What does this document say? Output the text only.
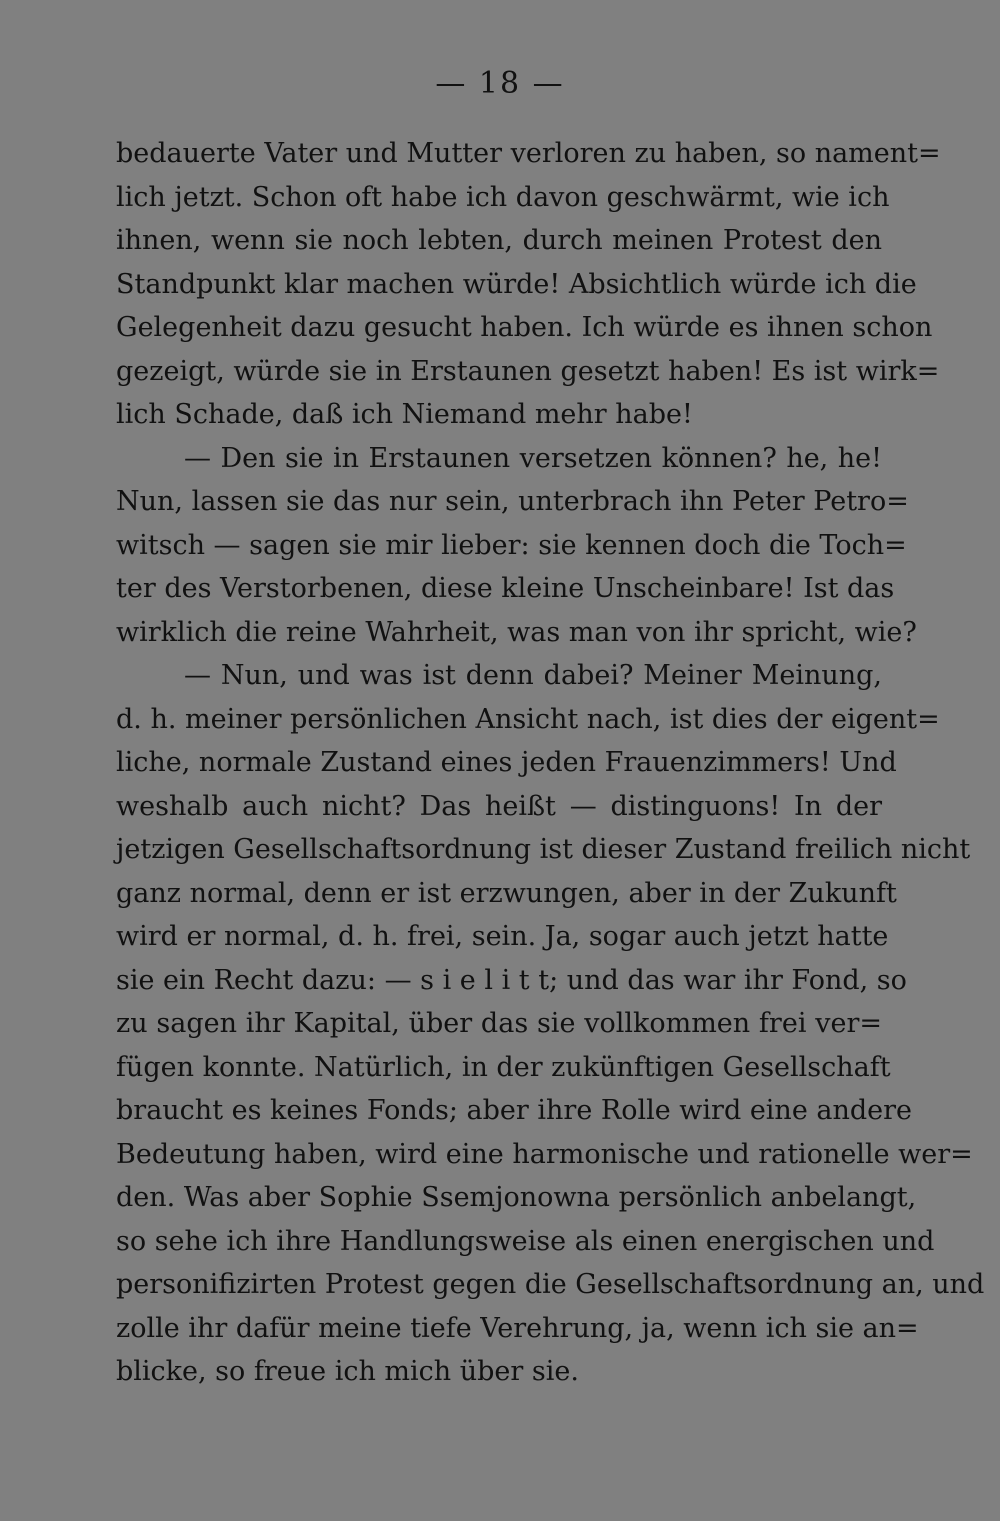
— 18 —
bedauerte Vater und Mutter verloren zu haben, so nament=
lich jetzt. Schon oft habe ich davon geschwärmt, wie ich
ihnen, wenn sie noch lebten, durch meinen Protest den
Standpunkt klar machen würde! Absichtlich würde ich die
Gelegenheit dazu gesucht haben. Ich würde es ihnen schon
gezeigt, würde sie in Erstaunen gesetzt haben! Es ist wirk=
lich Schade, daß ich Niemand mehr habe!
— Den sie in Erstaunen versetzen können? he, he!
Nun, lassen sie das nur sein, unterbrach ihn Peter Petro=
witsch — sagen sie mir lieber: sie kennen doch die Toch=
ter des Verstorbenen, diese kleine Unscheinbare! Ist das
wirklich die reine Wahrheit, was man von ihr spricht, wie?
— Nun, und was ist denn dabei? Meiner Meinung,
d. h. meiner persönlichen Ansicht nach, ist dies der eigent=
liche, normale Zustand eines jeden Frauenzimmers! Und
weshalb auch nicht? Das heißt — distinguons! In der
jetzigen Gesellschaftsordnung ist dieser Zustand freilich nicht
ganz normal, denn er ist erzwungen, aber in der Zukunft
wird er normal, d. h. frei, sein. Ja, sogar auch jetzt hatte
sie ein Recht dazu: — s i e l i t t; und das war ihr Fond, so
zu sagen ihr Kapital, über das sie vollkommen frei ver=
fügen konnte. Natürlich, in der zukünftigen Gesellschaft
braucht es keines Fonds; aber ihre Rolle wird eine andere
Bedeutung haben, wird eine harmonische und rationelle wer=
den. Was aber Sophie Ssemjonowna persönlich anbelangt,
so sehe ich ihre Handlungsweise als einen energischen und
personifizirten Protest gegen die Gesellschaftsordnung an, und
zolle ihr dafür meine tiefe Verehrung, ja, wenn ich sie an=
blicke, so freue ich mich über sie.
